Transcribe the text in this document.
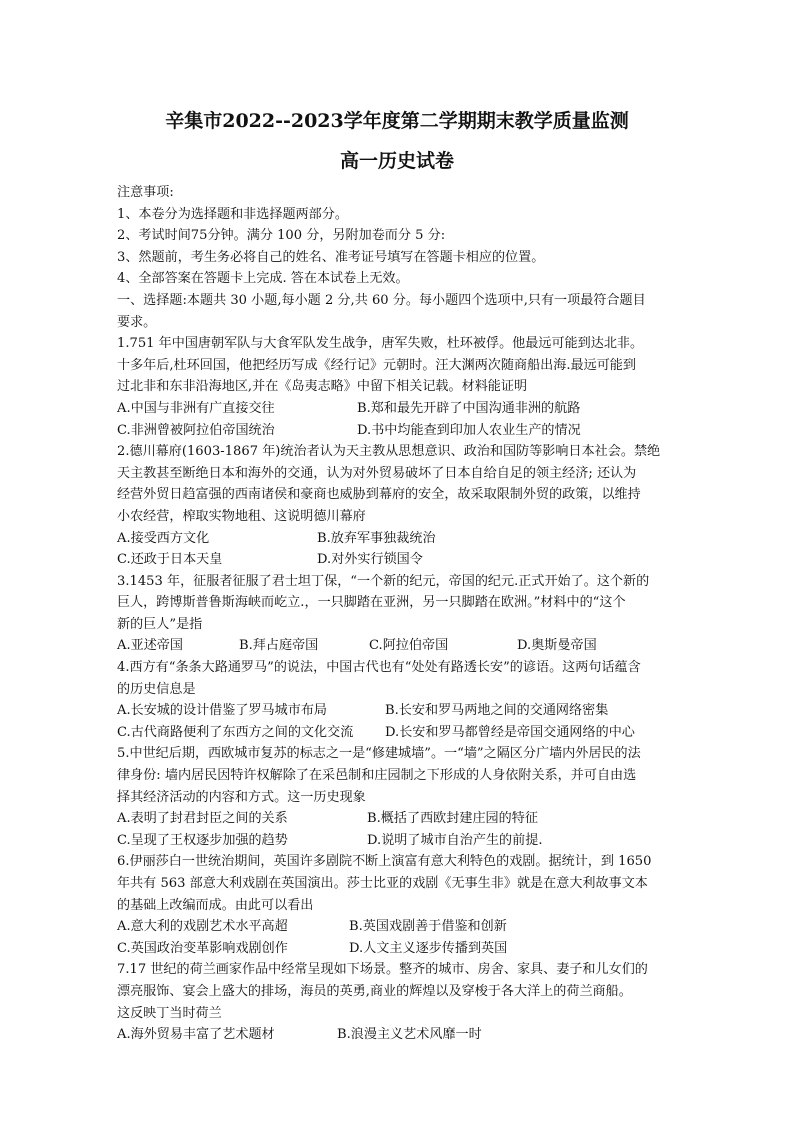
辛集市2022--2023学年度第二学期期末教学质量监测
高一历史试卷
注意事项:
1、本卷分为选择题和非选择题两部分。
2、考试时间75分钟。满分 100 分，另附加卷而分 5 分:
3、然题前，考生务必将自己的姓名、准考证号填写在答题卡相应的位置。
4、全部答案在答题卡上完成. 答在本试卷上无效。
一、选择题:本题共 30 小题,每小题 2 分,共 60 分。每小题四个选项中,只有一项最符合题目
要求。
1.751 年中国唐朝军队与大食军队发生战争，唐军失败，杜环被俘。他最远可能到达北非。
十多年后,杜环回国，他把经历写成《经行记》元朝时。汪大渊两次随商船出海.最远可能到
过北非和东非沿海地区,并在《岛夷志略》中留下相关记载。材料能证明
A.中国与非洲有广直接交往	B.郑和最先开辟了中国沟通非洲的航路
C.非洲曾被阿拉伯帝国统治	D.书中均能查到印加人农业生产的情况
2.德川幕府(1603-1867 年)统治者认为天主教从思想意识、政治和国防等影响日本社会。禁绝
天主教甚至断绝日本和海外的交通，认为对外贸易破坏了日本自给自足的领主经济; 还认为
经营外贸日趋富强的西南诸侯和豪商也威胁到幕府的安全，故采取限制外贸的政策，以维持
小农经营，榨取实物地租、这说明德川幕府
A.接受西方文化	B.放弃军事独裁统治
C.还政于日本天皇	D.对外实行锁国令
3.1453 年，征服者征服了君士坦丁保，“一个新的纪元，帝国的纪元.正式开始了。这个新的
巨人，跨博斯普鲁斯海峡而屹立.，一只脚踏在亚洲，另一只脚踏在欧洲。”材料中的“这个
新的巨人”是指
A.亚述帝国	B.拜占庭帝国	C.阿拉伯帝国	D.奥斯曼帝国
4.西方有“条条大路通罗马”的说法，中国古代也有“处处有路透长安”的谚语。这两句话蕴含
的历史信息是
A.长安城的设计借鉴了罗马城市布局	B.长安和罗马两地之间的交通网络密集
C.古代商路便利了东西方之间的文化交流	D.长安和罗马都曾经是帝国交通网络的中心
5.中世纪后期，西欧城市复苏的标志之一是“修建城墙”。一“墙”之隔区分广墙内外居民的法
律身份: 墙内居民因特许权解除了在采邑制和庄园制之下形成的人身依附关系，并可自由选
择其经济活动的内容和方式。这一历史现象
A.表明了封君封臣之间的关系	B.概括了西欧封建庄园的特征
C.呈现了王权逐步加强的趋势	D.说明了城市自治产生的前提.
6.伊丽莎白一世统治期间，英国许多剧院不断上演富有意大利特色的戏剧。据统计，到 1650
年共有 563 部意大利戏剧在英国演出。莎士比亚的戏剧《无事生非》就是在意大利故事文本
的基础上改编而成。由此可以看出
A.意大利的戏剧艺术水平高超	B.英国戏剧善于借鉴和创新
C.英国政治变革影响戏剧创作	D.人文主义逐步传播到英国
7.17 世纪的荷兰画家作品中经常呈现如下场景。整齐的城市、房舍、家具、妻子和儿女们的
漂亮服饰、宴会上盛大的排场，海员的英勇,商业的辉煌以及穿梭于各大洋上的荷兰商船。
这反映丁当时荷兰
A.海外贸易丰富了艺术题材	B.浪漫主义艺术风靡一时
